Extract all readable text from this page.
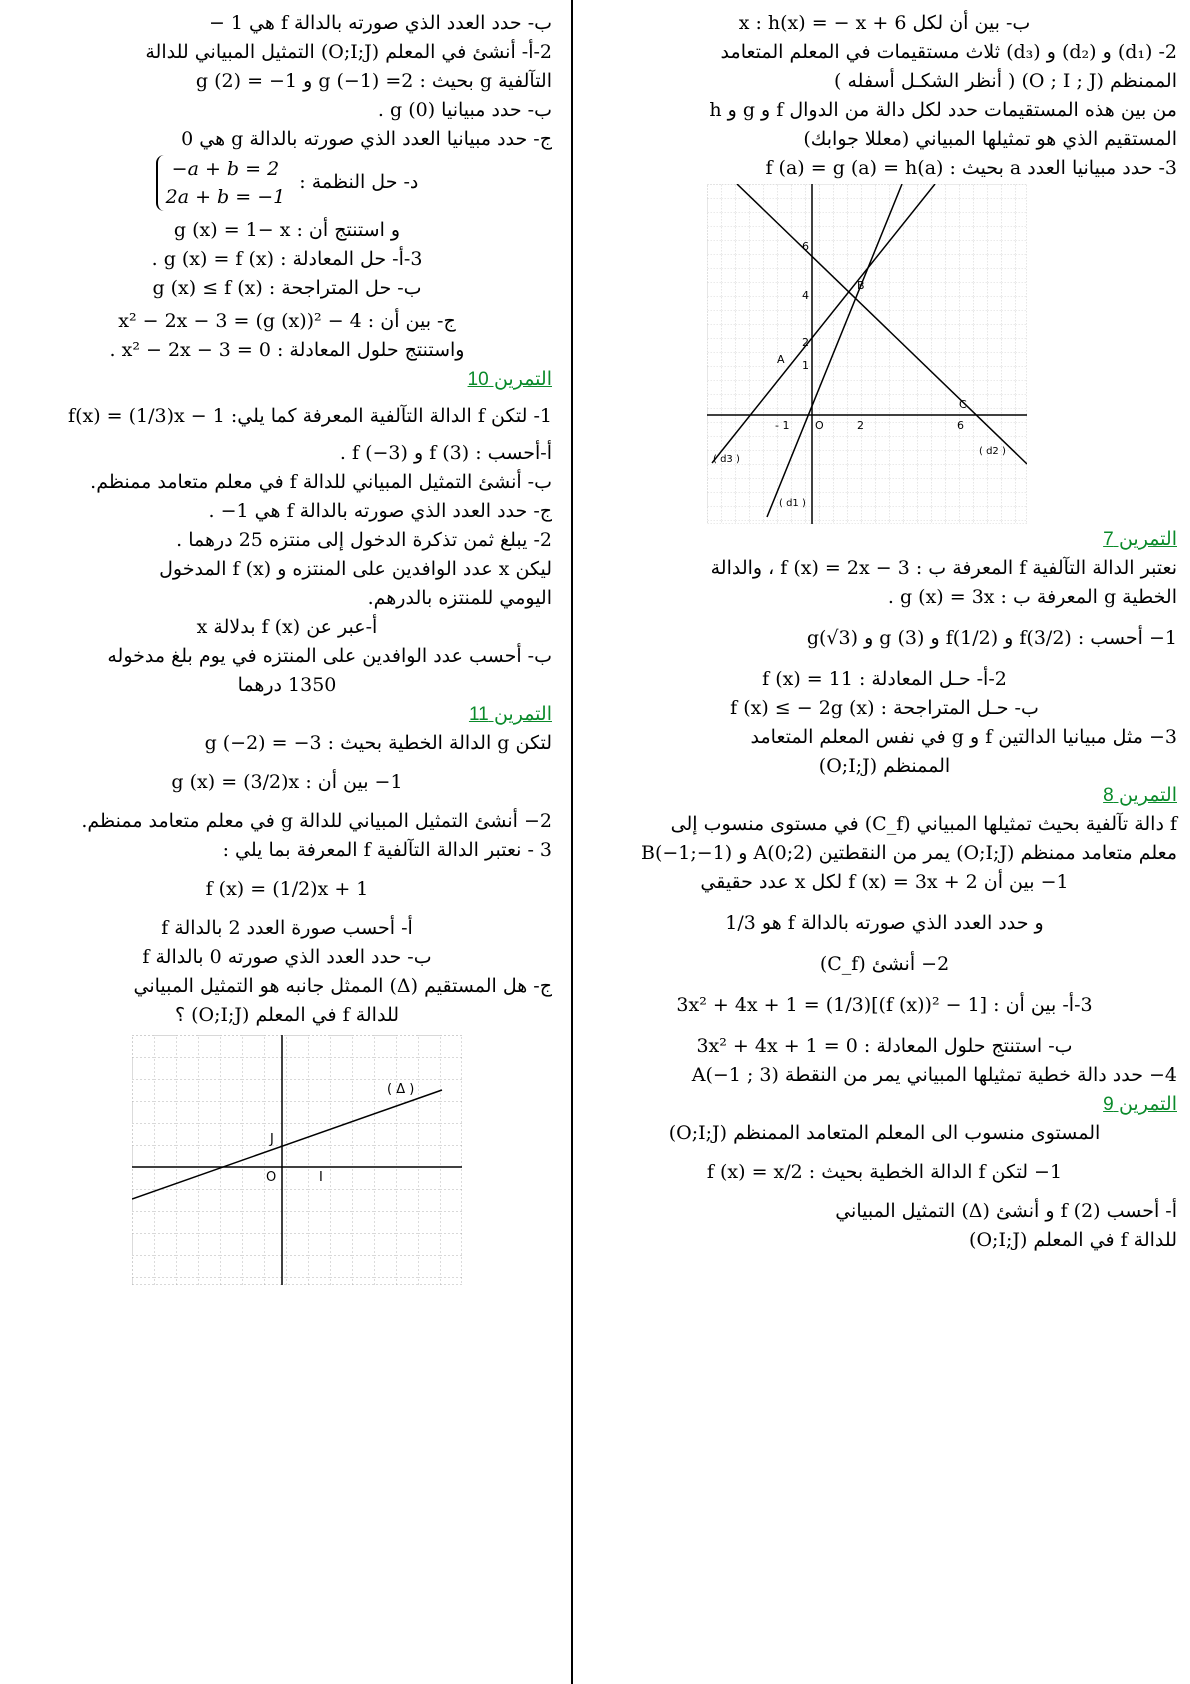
ب- حدد العدد الذي صورته بالدالة f هي 1 −
2-أ- أنشئ في المعلم (O;I;J) التمثيل المبياني للدالة
التآلفية g بحيث : g (−1) =2 و g (2) = −1
ب- حدد مبيانيا g (0) .
ج- حدد مبيانيا العدد الذي صورته بالدالة g هي 0
د- حل النظمة : −a + b = 2
2a + b = −1
و استنتج أن : g (x) = 1− x
3-أ- حل المعادلة : g (x) = f (x) .
ب- حل المتراجحة : g (x) ≤ f (x)
ج- بين أن : x² − 2x − 3 = (g (x))² − 4
واستنتج حلول المعادلة : x² − 2x − 3 = 0 .
التمرين 10
1- لتكن f الدالة التآلفية المعرفة كما يلي: f(x) = (1/3)x − 1
أ-أحسب : f (3) و f (−3) .
ب- أنشئ التمثيل المبياني للدالة f في معلم متعامد ممنظم.
ج- حدد العدد الذي صورته بالدالة f هي 1− .
2- يبلغ ثمن تذكرة الدخول إلى منتزه 25 درهما .
ليكن x عدد الوافدين على المنتزه و f (x) المدخول
اليومي للمنتزه بالدرهم.
أ-عبر عن f (x) بدلالة x
ب- أحسب عدد الوافدين على المنتزه في يوم بلغ مدخوله
1350 درهما
التمرين 11
لتكن g الدالة الخطية بحيث : g (−2) = −3
1− بين أن : g (x) = (3/2)x
2− أنشئ التمثيل المبياني للدالة g في معلم متعامد ممنظم.
3 - نعتبر الدالة التآلفية f المعرفة بما يلي :
f (x) = (1/2)x + 1
أ- أحسب صورة العدد 2 بالدالة f
ب- حدد العدد الذي صورته 0 بالدالة f
ج- هل المستقيم (Δ) الممثل جانبه هو التمثيل المبياني
للدالة f في المعلم (O;I;J) ؟
( Δ )
J
O	I
ب- بين أن لكل x : h(x) = − x + 6
2- (d₁) و (d₂) و (d₃) ثلاث مستقيمات في المعلم المتعامد
الممنظم (O ; I ; J) ( أنظر الشكـل أسفله )
من بين هذه المستقيمات حدد لكل دالة من الدوال f و g و h
المستقيم الذي هو تمثيلها المبياني (معللا جوابك)
3- حدد مبيانيا العدد a بحيث : f (a) = g (a) = h(a)
6
4
2
1
- 1 O	2	6
A
B
C
( d1 )
( d2 )
( d3 )
التمرين 7
نعتبر الدالة التآلفية f المعرفة ب : f (x) = 2x − 3 ، والدالة
الخطية g المعرفة ب : g (x) = 3x .
1− أحسب : f(3/2) و f(1/2) و g (3) و g(√3)
2-أ- حـل المعادلة : f (x) = 11
ب- حـل المتراجحة : f (x) ≤ − 2g (x)
3− مثل مبيانيا الدالتين f و g في نفس المعلم المتعامد
الممنظم (O;I;J)
التمرين 8
f دالة تآلفية بحيث تمثيلها المبياني (C_f) في مستوى منسوب إلى
معلم متعامد ممنظم (O;I;J) يمر من النقطتين A(0;2) و B(−1;−1)
1− بين أن f (x) = 3x + 2 لكل x عدد حقيقي
و حدد العدد الذي صورته بالدالة f هو 1/3
2− أنشئ (C_f)
3-أ- بين أن : 3x² + 4x + 1 = (1/3)[(f (x))² − 1]
ب- استنتج حلول المعادلة : 3x² + 4x + 1 = 0
4− حدد دالة خطية تمثيلها المبياني يمر من النقطة A(−1 ; 3)
التمرين 9
المستوى منسوب الى المعلم المتعامد الممنظم (O;I;J)
1− لتكن f الدالة الخطية بحيث : f (x) = x/2
أ- أحسب f (2) و أنشئ (Δ) التمثيل المبياني
للدالة f في المعلم (O;I;J)
